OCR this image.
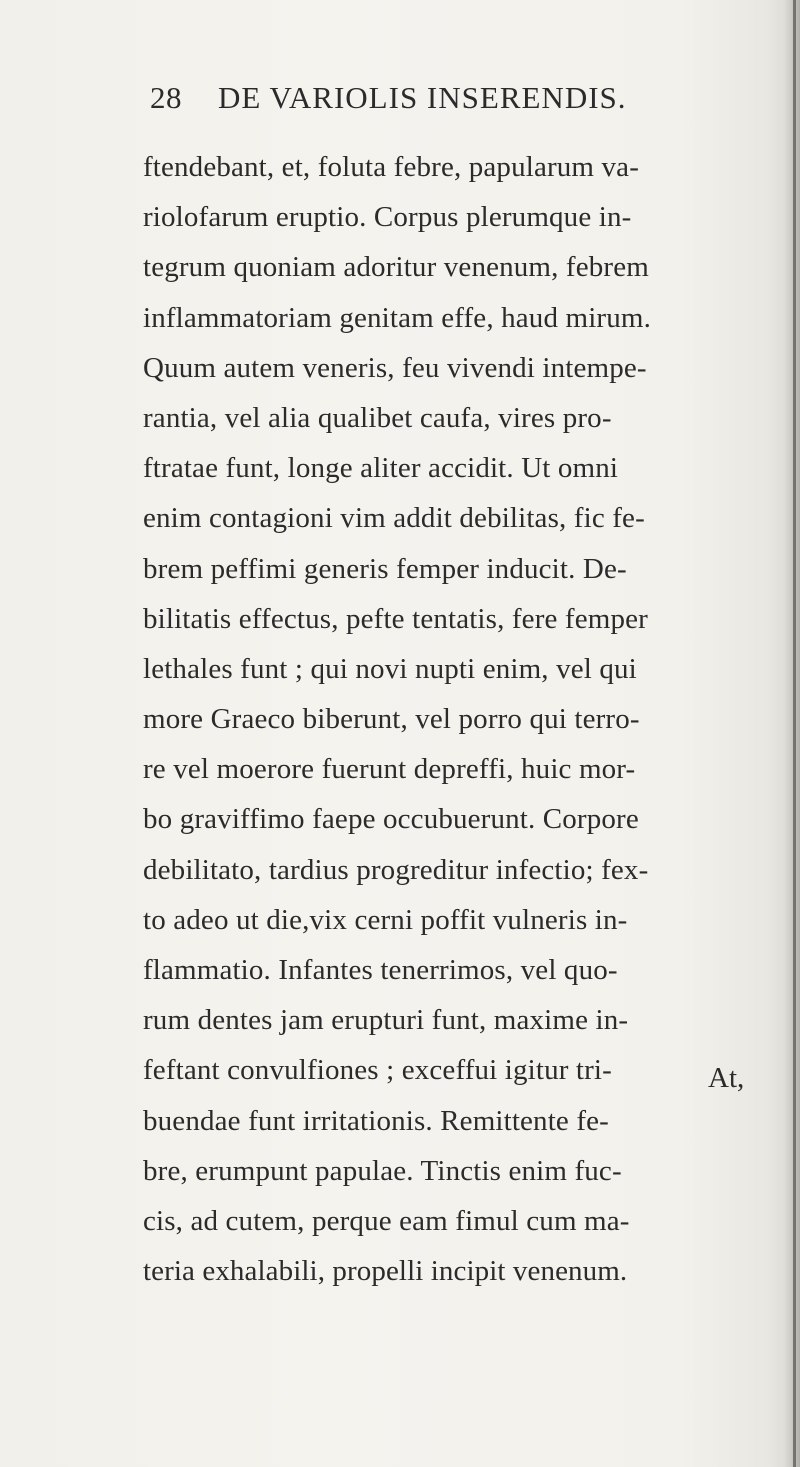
28 DE VARIOLIS INSERENDIS.
ftendebant, et, foluta febre, papularum va-
riolofarum eruptio. Corpus plerumque in-
tegrum quoniam adoritur venenum, febrem
inflammatoriam genitam effe, haud mirum.
Quum autem veneris, feu vivendi intempe-
rantia, vel alia qualibet caufa, vires pro-
ftratae funt, longe aliter accidit. Ut omni
enim contagioni vim addit debilitas, fic fe-
brem peffimi generis femper inducit. De-
bilitatis effectus, pefte tentatis, fere femper
lethales funt ; qui novi nupti enim, vel qui
more Graeco biberunt, vel porro qui terro-
re vel moerore fuerunt depreffi, huic mor-
bo graviffimo faepe occubuerunt. Corpore
debilitato, tardius progreditur infectio; fex-
to adeo ut die,vix cerni poffit vulneris in-
flammatio. Infantes tenerrimos, vel quo-
rum dentes jam erupturi funt, maxime in-
feftant convulfiones ; exceffui igitur tri-
buendae funt irritationis. Remittente fe-
bre, erumpunt papulae. Tinctis enim fuc-
cis, ad cutem, perque eam fimul cum ma-
teria exhalabili, propelli incipit venenum.
At,
